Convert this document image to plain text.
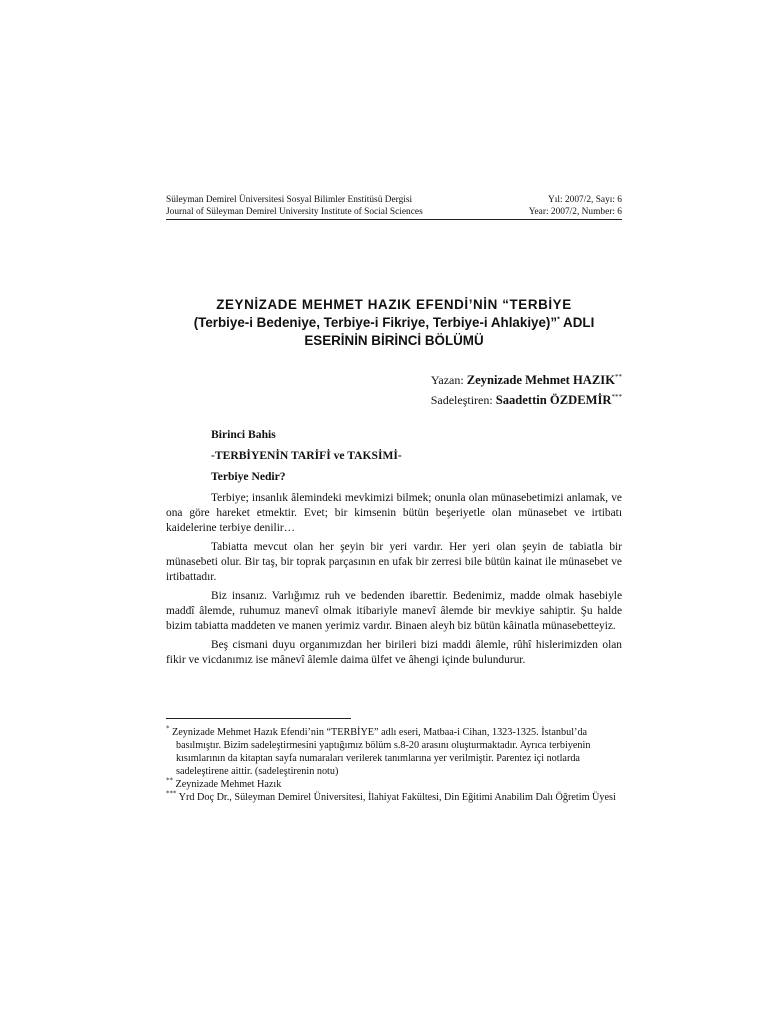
Süleyman Demirel Üniversitesi Sosyal Bilimler Enstitüsü Dergisi	Yıl: 2007/2, Sayı: 6
Journal of Süleyman Demirel University Institute of Social Sciences	Year: 2007/2, Number: 6
ZEYNİZADE MEHMET HAZIK EFENDİ’NİN “TERBİYE
(Terbiye-i Bedeniye, Terbiye-i Fikriye, Terbiye-i Ahlakiye)”* ADLI
ESERİNİN BİRİNCİ BÖLÜMÜ
Yazan: Zeynizade Mehmet HAZIK**
Sadeleştiren: Saadettin ÖZDEMİR***
Birinci Bahis
-TERBİYENİN TARİFİ ve TAKSİMİ-
Terbiye Nedir?

Terbiye; insanlık âlemindeki mevkimizi bilmek; onunla olan münasebetimizi anlamak, ve ona göre hareket etmektir. Evet; bir kimsenin bütün beşeriyetle olan münasebet ve irtibatı kaidelerine terbiye denilir…

Tabiatta mevcut olan her şeyin bir yeri vardır. Her yeri olan şeyin de tabiatla bir münasebeti olur. Bir taş, bir toprak parçasının en ufak bir zerresi bile bütün kainat ile münasebet ve irtibattadır.

Biz insanız. Varlığımız ruh ve bedenden ibarettir. Bedenimiz, madde olmak hasebiyle maddî âlemde, ruhumuz manevî olmak itibariyle manevî âlemde bir mevkiye sahiptir. Şu halde bizim tabiatta maddeten ve manen yerimiz vardır. Binaen aleyh biz bütün kâinatla münasebetteyiz.

Beş cismani duyu organımızdan her birileri bizi maddi âlemle, rûhî hislerimizden olan fikir ve vicdanımız ise mânevî âlemle daima ülfet ve âhengi içinde bulundurur.

* Zeynizade Mehmet Hazık Efendi’nin “TERBİYE” adlı eseri, Matbaa-i Cihan, 1323-1325. İstanbul’da basılmıştır. Bizim sadeleştirmesini yaptığımız bölüm s.8-20 arasını oluşturmaktadır. Ayrıca terbiyenin kısımlarının da kitaptan sayfa numaraları verilerek tanımlarına yer verilmiştir. Parentez içi notlarda sadeleştirene aittir. (sadeleştirenin notu)
** Zeynizade Mehmet Hazık
*** Yrd Doç Dr., Süleyman Demirel Üniversitesi, İlahiyat Fakültesi, Din Eğitimi Anabilim Dalı Öğretim Üyesi
